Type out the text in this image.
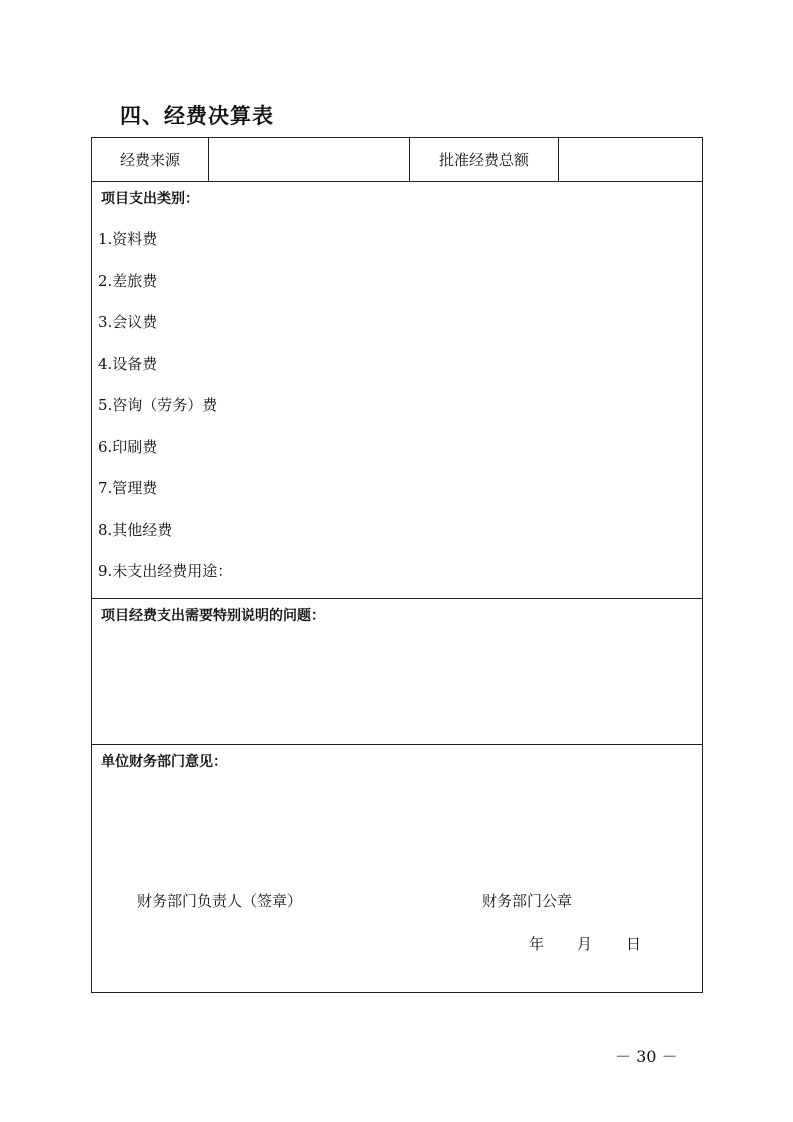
四、经费决算表
经费来源	批准经费总额
项目支出类别：
1.资料费
2.差旅费
3.会议费
4.设备费
5.咨询（劳务）费
6.印刷费
7.管理费
8.其他经费
9.未支出经费用途：
项目经费支出需要特别说明的问题：
单位财务部门意见：
财务部门负责人（签章）	财务部门公章
年 月 日
－ 30 －
